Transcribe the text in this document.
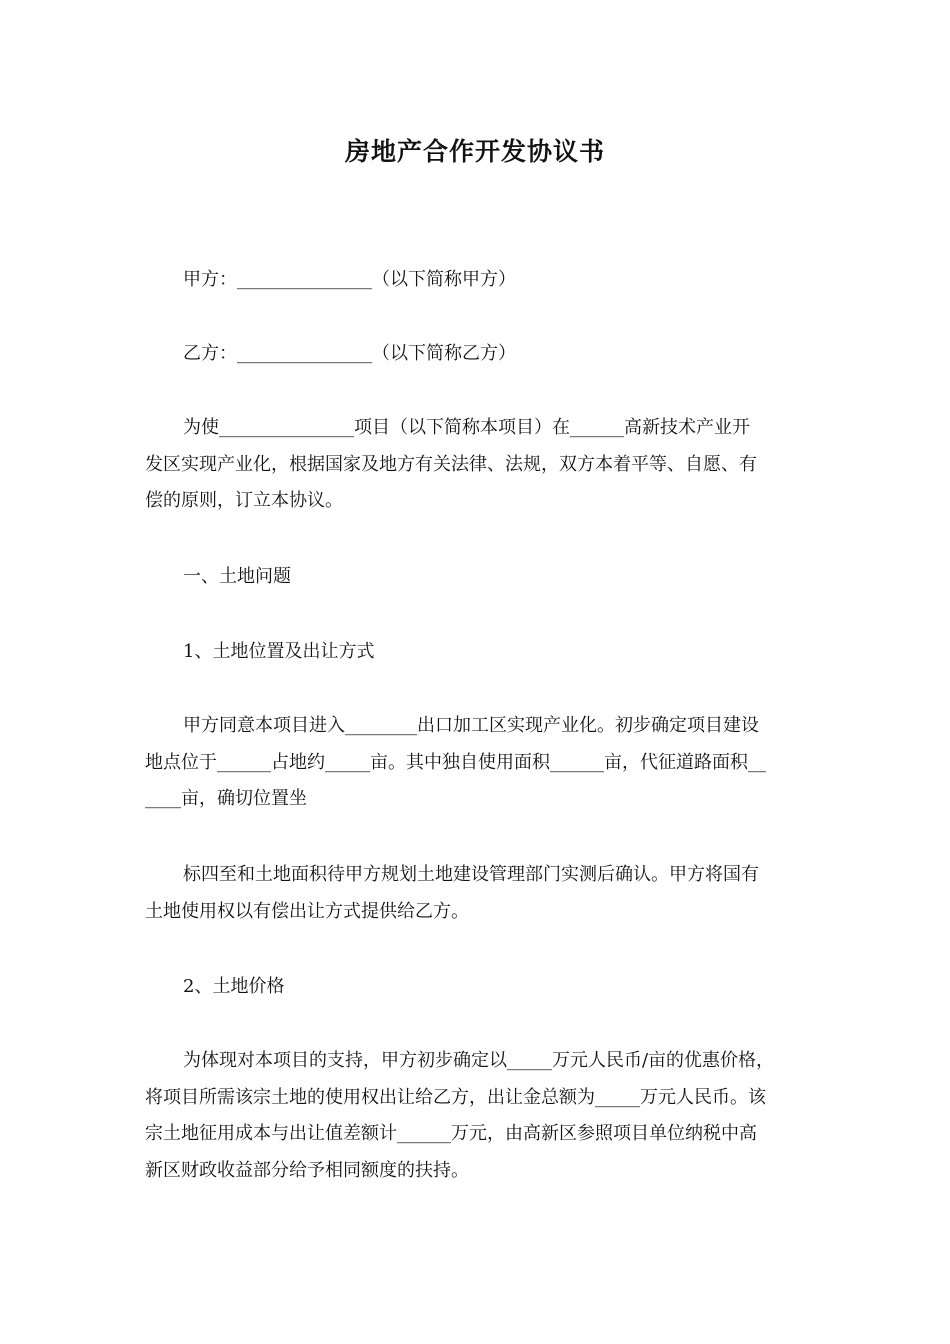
房地产合作开发协议书
甲方：_______________（以下简称甲方）
乙方：_______________（以下简称乙方）
为使_______________项目（以下简称本项目）在______高新技术产业开
发区实现产业化，根据国家及地方有关法律、法规，双方本着平等、自愿、有
偿的原则，订立本协议。
一、土地问题
1、土地位置及出让方式
甲方同意本项目进入________出口加工区实现产业化。初步确定项目建设
地点位于______占地约_____亩。其中独自使用面积______亩，代征道路面积__
____亩，确切位置坐
标四至和土地面积待甲方规划土地建设管理部门实测后确认。甲方将国有
土地使用权以有偿出让方式提供给乙方。
2、土地价格
为体现对本项目的支持，甲方初步确定以_____万元人民币/亩的优惠价格，
将项目所需该宗土地的使用权出让给乙方，出让金总额为_____万元人民币。该
宗土地征用成本与出让值差额计______万元，由高新区参照项目单位纳税中高
新区财政收益部分给予相同额度的扶持。
